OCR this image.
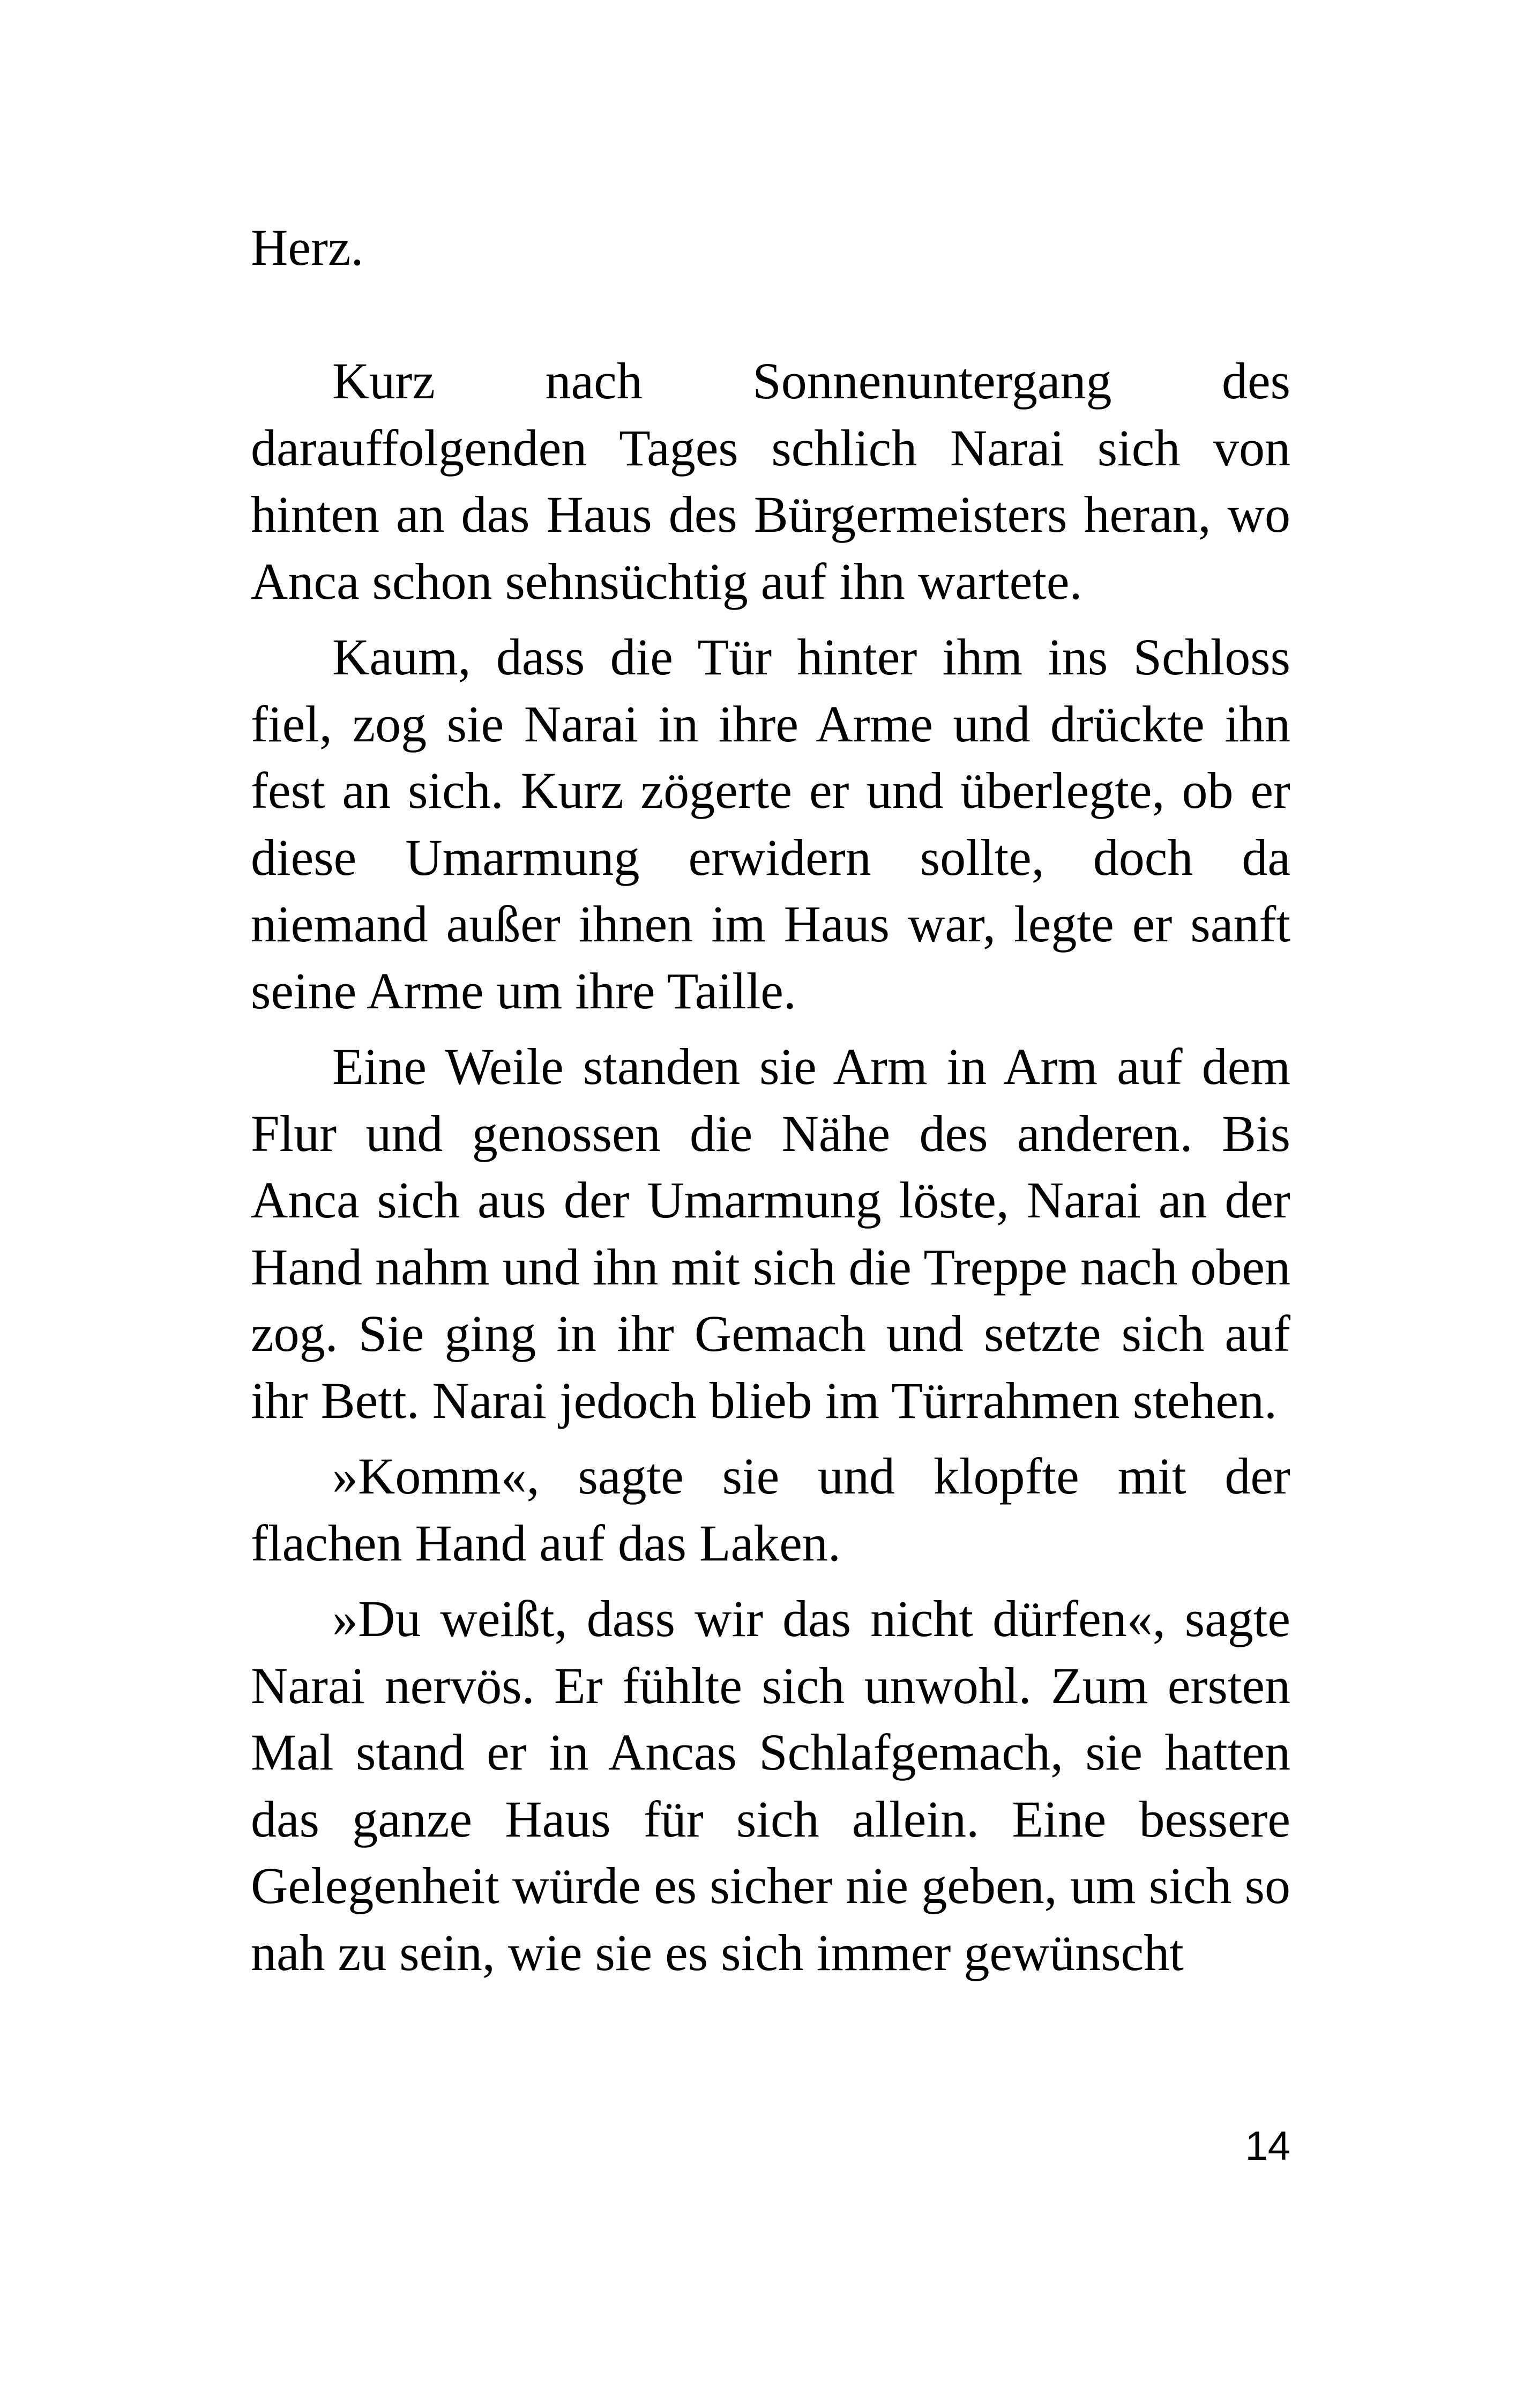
Herz.

Kurz nach Sonnenuntergang des darauffolgenden Tages schlich Narai sich von hinten an das Haus des Bürgermeisters heran, wo Anca schon sehnsüchtig auf ihn wartete.

Kaum, dass die Tür hinter ihm ins Schloss fiel, zog sie Narai in ihre Arme und drückte ihn fest an sich. Kurz zögerte er und überlegte, ob er diese Umarmung erwidern sollte, doch da niemand außer ihnen im Haus war, legte er sanft seine Arme um ihre Taille.

Eine Weile standen sie Arm in Arm auf dem Flur und genossen die Nähe des anderen. Bis Anca sich aus der Umarmung löste, Narai an der Hand nahm und ihn mit sich die Treppe nach oben zog. Sie ging in ihr Gemach und setzte sich auf ihr Bett. Narai jedoch blieb im Türrahmen stehen.

»Komm«, sagte sie und klopfte mit der flachen Hand auf das Laken.

»Du weißt, dass wir das nicht dürfen«, sagte Narai nervös. Er fühlte sich unwohl. Zum ersten Mal stand er in Ancas Schlafgemach, sie hatten das ganze Haus für sich allein. Eine bessere Gelegenheit würde es sicher nie geben, um sich so nah zu sein, wie sie es sich immer gewünscht

14
